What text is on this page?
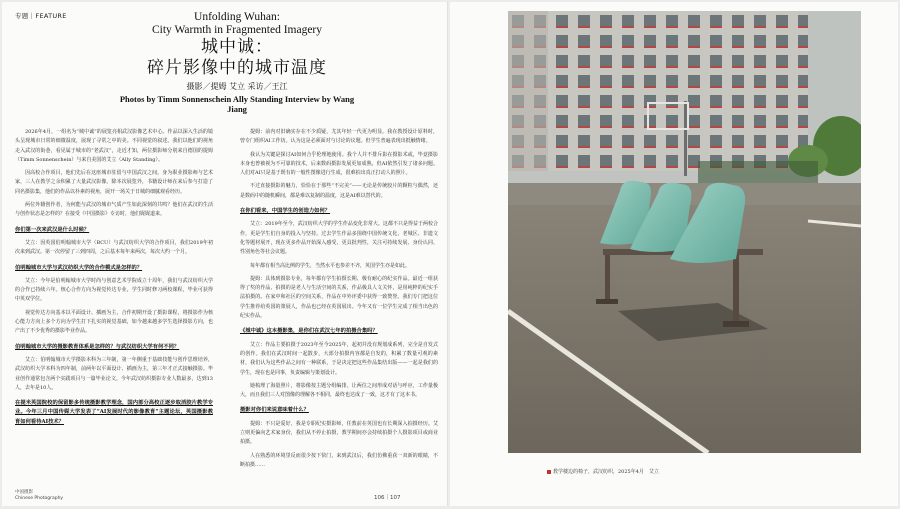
专题｜FEATURE	Unfolding Wuhan:
City Warmth in Fragmented Imagery
城中诚：
碎片影像中的城市温度
摄影／提姆 艾立 采访／王江
Photos by Timm Sonnenschein Ally Standing Interview by Wang Jiang

2026年4月，一组名为“城中诚”的展览亮相武汉影像艺术中心。作品以深入生活的镜头呈现城市日常的细微温度，展现了寻常之中的美。不同视觉的叙述。我们以他们的视角走入武汉的街巷，看见属于城市的“老武汉”，走近才知，两位摄影师分别来自德国的提姆（Timm Sonnenschein）与来自美国的艾立（Ally Standing）。

因高校合作项目，他们先后在这座城市驻留与中国武汉之间。身为职业摄影师与艺术家，三人在教学之余积累了大量武汉影像。除本次展览外，书籍设计师在来后参与打造了同名摄影集，他们的作品以朴素的视角，展开一场关于日城的细腻观看经历。

两位外籍创作者，为何能与武汉的城市气质产生如此深刻的共鸣？他们在武汉的生活与创作状态是怎样的？在接受《中国摄影》专访时，他们娓娓道来。

你们第一次来武汉是什么时候？

艾立：因英国伯明翰城市大学（BCU）与武汉纺织大学的合作项目，我们2019年初次来到武汉。第一次停留了三到四周，之后基本每年来两次，每次大约一个月。

伯明翰城市大学与武汉纺织大学的合作模式是怎样的？

艾立：今年是伯明翰城市大学时尚与创意艺术学院成立十周年，我们与武汉纺织大学的合作已持续六年。核心合作方向为视觉传达专业，学生同时修习两校课程，毕业可获得中英双学位。

视觉传达方向基本以平面设计、插画为主，合作初期开设了摄影课程，将摄影作为核心能力方向上多个方向为学生打下扎实的视觉基础，如今越来越多学生选择摄影方向，也产出了不少优秀的摄影毕业作品。

伯明翰城市大学的摄影教育体系是怎样的？与武汉纺织大学有何不同？

艾立：伯明翰城市大学摄影本科为三年制，第一年侧重于基础技能与创作思维培养，武汉纺织大学本科为四年制，前两年以平面设计、插画为主，第三年才正式接触摄影。毕业创作通常包含两个实践项目与一篇毕业论文。今年武汉纺织摄影专业人数最多，达到13人，去年是10人。

在提米英国院校的保留影多传统摄影教学理念，国内部分高校正逐步取消胶片教学专业。今年三月中国传媒大学发表了“AI发展时代的影像教育”主题论坛，英国摄影教育如何看待AI技术？

提姆：前内对旧确实存在不少质疑，尤其年轻一代更为明显。我在教授设计原料时，曾专门组织AI工作坊。认为这是必须面对与讨论的议题。但学生普遍表现出抵触情绪。

我认为关键是探讨AI如何合乎伦理地使用。我个人并不排斥影在摄影术或，毕竟摄影本身也曾被视为不可靠的技术，后来数码摄影发展更加成熟，但AI依然引发了诸多问题。人们对AI只是基于既有的一般性图像进行生成，很难拍出真正打动人的照片。

不过直接摄影的魅力，恰恰在于那些“不完美”——无论是传统胶片的颗粒与偶然，还是数码中的随机瞬间，都是难以复制的温度，这是AI难以替代的。

在你们看来，中国学生的创造力如何？

艾立：2019年至今，武汉纺织大学的学生作品变化非常大。这都不只是得益于两校合作，更是学生们自身的投入与坚持。过去学生作品多围绕中国传统文化、老城区、非遗文化等题材展开，现在更多作品开始深入感受、更具批判性，关注可持续发展、身份认同、性别角色等社会议题。

每年都有相当高比例的学生，当然水平也参差不齐，英国学生亦是如此。

提姆：具体到摄影专业，每年都有学生拍摄长期、极有耐心的纪实作品。最近一组获得了奖的作品，拍摄的是老人与生活空间的关系，作品极具人文关怀，是用纯粹的纪实手法拍摄的。在家中和社区的空间关系，作品在中外评委中获得一致赞誉。我们专门把这位学生推荐给英国的策展人，作品也已经在英国展出。今年又有一位学生完成了相当出色的纪实作品。

《城中诚》这本摄影集，是你们在武汉七年的拍摄合集吗？

艾立：作品主要拍摄于2023年至今2025年，起初并没有规划成系列，完全是自发式的创作。我们在武汉时间一起散步，大部分拍摄内容都是自发的，积累了数量可观的素材，我们认为这些作品之间有一种联系，于是决定把这些作品集结出版——一起是我们的学生，现在也是同事，负责编辑与策划设计。

她梳理了海量照片，将影像按主题分组编排，让两位之间形成对话与呼应，工作量极大，而且我们三人对图像的理解各不相同，最终也达成了一致，这才有了这本书。

摄影对你们来说意味着什么？

提姆：不只是爱好，我是专职纪实摄影师，任教前在英国也有长期深入拍摄经历。艾立则更偏向艺术家身份，我们从不停止拍摄，教学期间亦会持续拍摄个人摄影项目或商业拍摄。

人在熟悉的环境里反而很少按下快门，来到武汉后，我们仿佛重获一双新的眼睛，不断拍摄……

中国摄影
Chinese Photography	106｜107
教学楼边的椅子，武汉纺织，2025年4月　艾立
